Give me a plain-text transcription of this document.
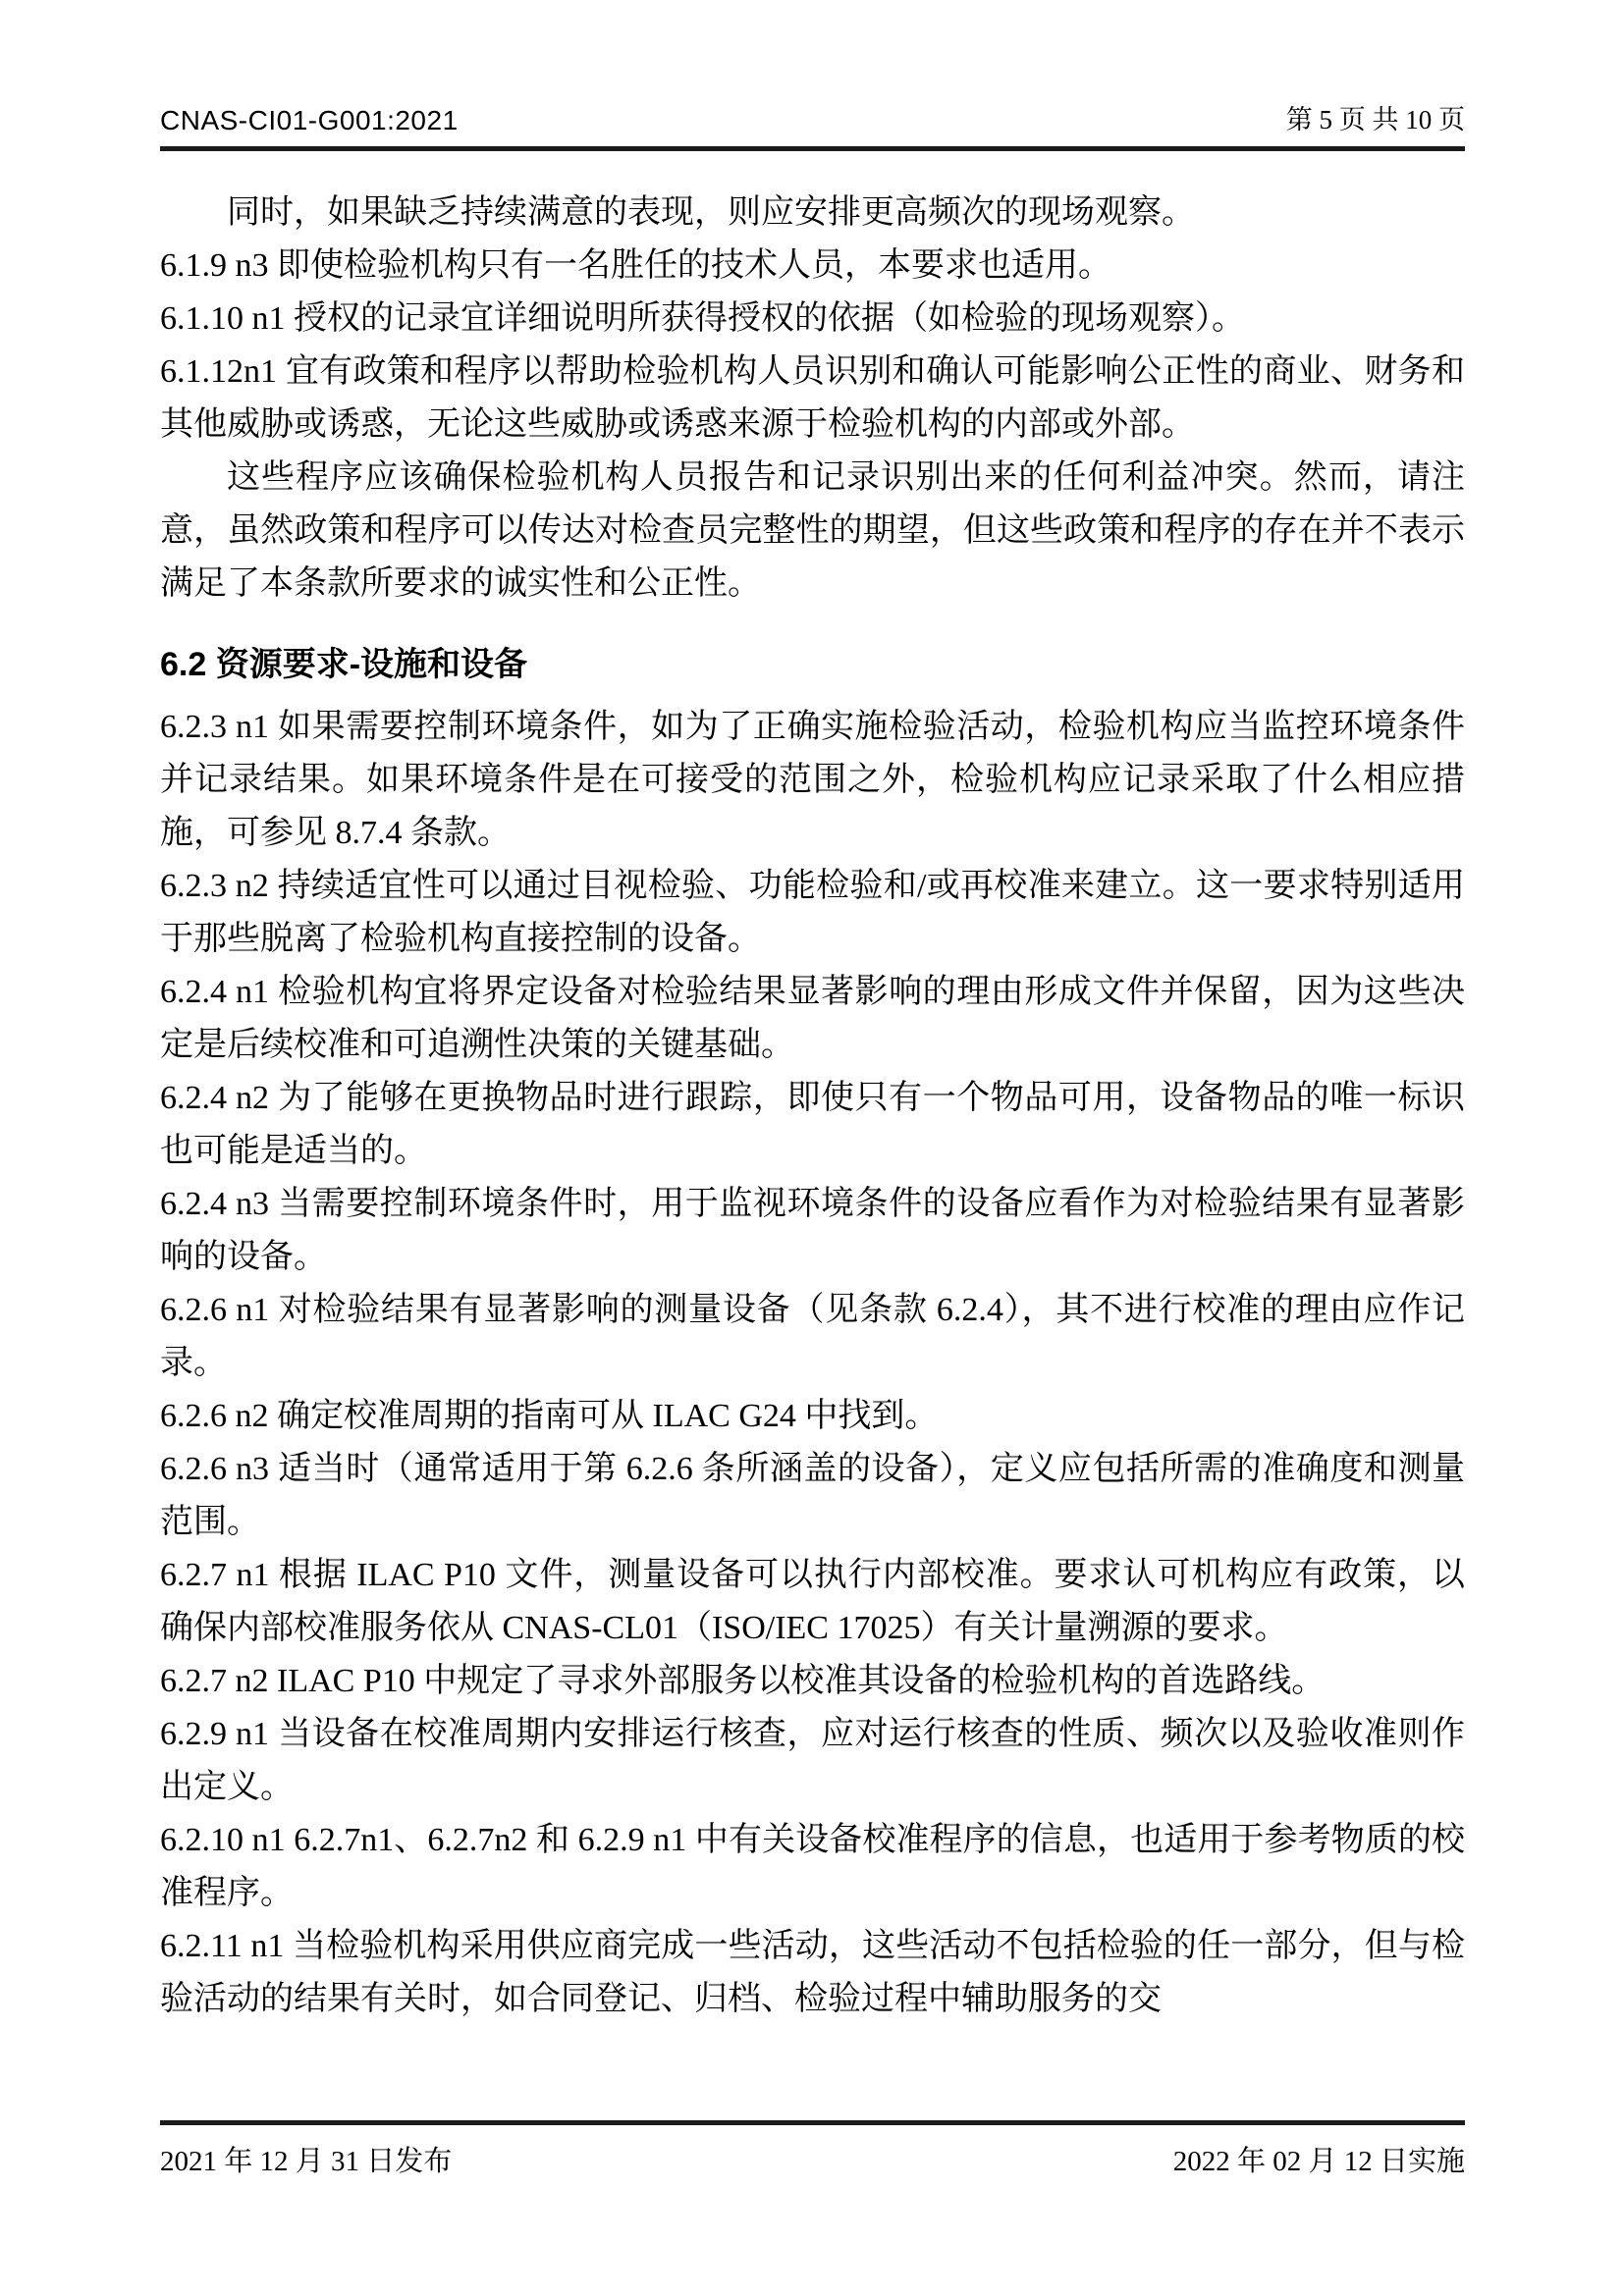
CNAS-CI01-G001:2021	第 5 页 共 10 页
同时，如果缺乏持续满意的表现，则应安排更高频次的现场观察。
6.1.9 n3 即使检验机构只有一名胜任的技术人员，本要求也适用。
6.1.10 n1 授权的记录宜详细说明所获得授权的依据（如检验的现场观察）。
6.1.12n1 宜有政策和程序以帮助检验机构人员识别和确认可能影响公正性的商业、财务和其他威胁或诱惑，无论这些威胁或诱惑来源于检验机构的内部或外部。
这些程序应该确保检验机构人员报告和记录识别出来的任何利益冲突。然而，请注意，虽然政策和程序可以传达对检查员完整性的期望，但这些政策和程序的存在并不表示满足了本条款所要求的诚实性和公正性。
6.2 资源要求-设施和设备
6.2.3 n1 如果需要控制环境条件，如为了正确实施检验活动，检验机构应当监控环境条件并记录结果。如果环境条件是在可接受的范围之外，检验机构应记录采取了什么相应措施，可参见 8.7.4 条款。
6.2.3 n2 持续适宜性可以通过目视检验、功能检验和/或再校准来建立。这一要求特别适用于那些脱离了检验机构直接控制的设备。
6.2.4 n1 检验机构宜将界定设备对检验结果显著影响的理由形成文件并保留，因为这些决定是后续校准和可追溯性决策的关键基础。
6.2.4 n2 为了能够在更换物品时进行跟踪，即使只有一个物品可用，设备物品的唯一标识也可能是适当的。
6.2.4 n3 当需要控制环境条件时，用于监视环境条件的设备应看作为对检验结果有显著影响的设备。
6.2.6 n1 对检验结果有显著影响的测量设备（见条款 6.2.4），其不进行校准的理由应作记录。
6.2.6 n2 确定校准周期的指南可从 ILAC G24 中找到。
6.2.6 n3 适当时（通常适用于第 6.2.6 条所涵盖的设备），定义应包括所需的准确度和测量范围。
6.2.7 n1 根据 ILAC P10 文件，测量设备可以执行内部校准。要求认可机构应有政策，以确保内部校准服务依从 CNAS-CL01（ISO/IEC 17025）有关计量溯源的要求。
6.2.7 n2 ILAC P10 中规定了寻求外部服务以校准其设备的检验机构的首选路线。
6.2.9 n1 当设备在校准周期内安排运行核查，应对运行核查的性质、频次以及验收准则作出定义。
6.2.10 n1 6.2.7n1、6.2.7n2 和 6.2.9 n1 中有关设备校准程序的信息，也适用于参考物质的校准程序。
6.2.11 n1 当检验机构采用供应商完成一些活动，这些活动不包括检验的任一部分，但与检验活动的结果有关时，如合同登记、归档、检验过程中辅助服务的交
2021 年 12 月 31 日发布	2022 年 02 月 12 日实施
